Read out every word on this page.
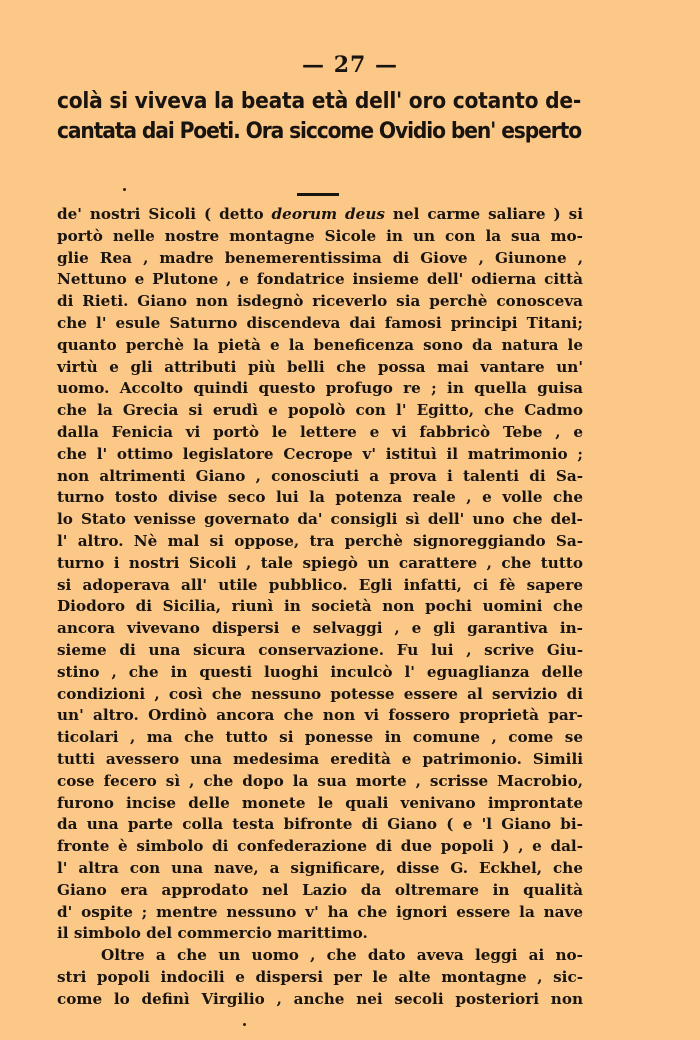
— 27 —
colà si viveva la beata età dell' oro cotanto de-
cantata dai Poeti. Ora siccome Ovidio ben' esperto
de' nostri Sicoli ( detto deorum deus nel carme saliare ) si
portò nelle nostre montagne Sicole in un con la sua mo-
glie Rea , madre benemerentissima di Giove , Giunone ,
Nettuno e Plutone , e fondatrice insieme dell' odierna città
di Rieti. Giano non isdegnò riceverlo sia perchè conosceva
che l' esule Saturno discendeva dai famosi principi Titani;
quanto perchè la pietà e la beneficenza sono da natura le
virtù e gli attributi più belli che possa mai vantare un'
uomo. Accolto quindi questo profugo re ; in quella guisa
che la Grecia si erudì e popolò con l' Egitto, che Cadmo
dalla Fenicia vi portò le lettere e vi fabbricò Tebe , e
che l' ottimo legislatore Cecrope v' istituì il matrimonio ;
non altrimenti Giano , conosciuti a prova i talenti di Sa-
turno tosto divise seco lui la potenza reale , e volle che
lo Stato venisse governato da' consigli sì dell' uno che del-
l' altro. Nè mal si oppose, tra perchè signoreggiando Sa-
turno i nostri Sicoli , tale spiegò un carattere , che tutto
si adoperava all' utile pubblico. Egli infatti, ci fè sapere
Diodoro di Sicilia, riunì in società non pochi uomini che
ancora vivevano dispersi e selvaggi , e gli garantiva in-
sieme di una sicura conservazione. Fu lui , scrive Giu-
stino , che in questi luoghi inculcò l' eguaglianza delle
condizioni , così che nessuno potesse essere al servizio di
un' altro. Ordinò ancora che non vi fossero proprietà par-
ticolari , ma che tutto si ponesse in comune , come se
tutti avessero una medesima eredità e patrimonio. Simili
cose fecero sì , che dopo la sua morte , scrisse Macrobio,
furono incise delle monete le quali venivano improntate
da una parte colla testa bifronte di Giano ( e 'l Giano bi-
fronte è simbolo di confederazione di due popoli ) , e dal-
l' altra con una nave, a significare, disse G. Eckhel, che
Giano era approdato nel Lazio da oltremare in qualità
d' ospite ; mentre nessuno v' ha che ignori essere la nave
il simbolo del commercio marittimo.
Oltre a che un uomo , che dato aveva leggi ai no-
stri popoli indocili e dispersi per le alte montagne , sic-
come lo definì Virgilio , anche nei secoli posteriori non
